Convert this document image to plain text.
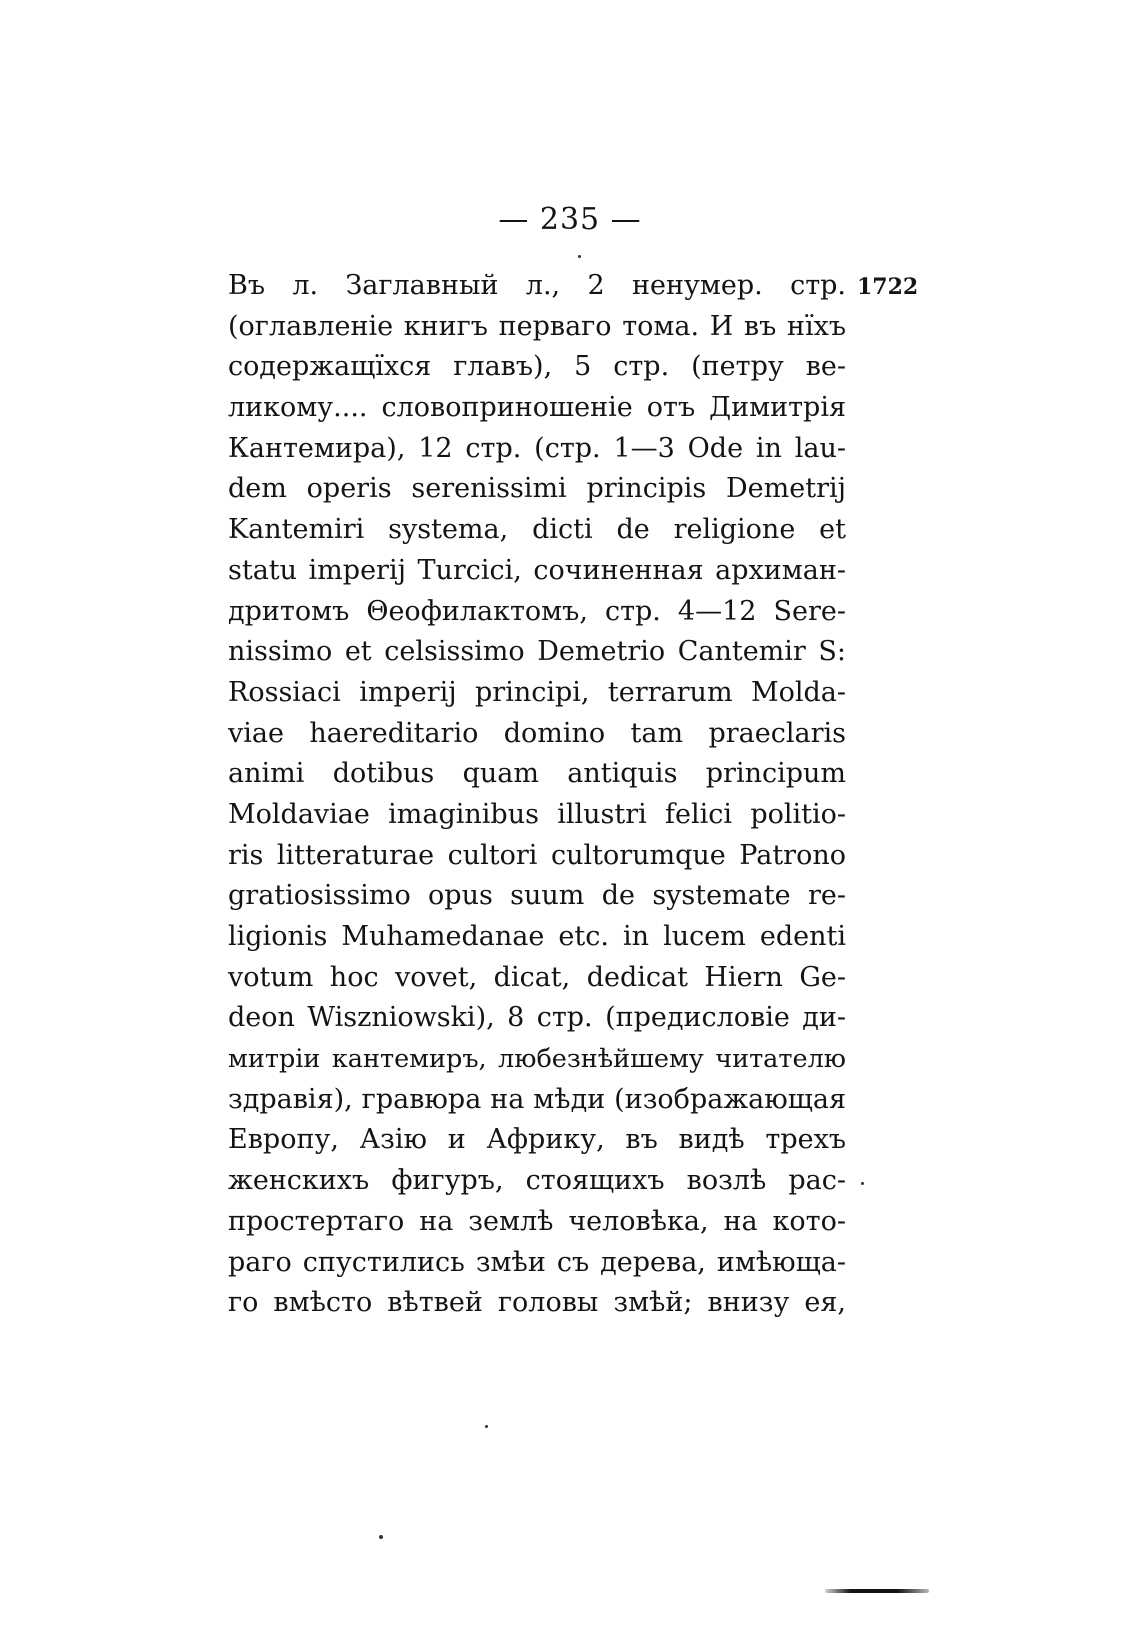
— 235 —
1722
Въ л. Заглавный л., 2 ненумер. стр.
(оглавленіе книгъ перваго тома. И въ нїхъ
содержащїхся главъ), 5 стр. (петру ве-
ликому.... словоприношеніе отъ Димитрія
Кантемира), 12 стр. (стр. 1—3 Ode in lau-
dem operis serenissimi principis Demetrij
Kantemiri systema, dicti de religione et
statu imperij Turcici, сочиненная архиман-
дритомъ Θеофилактомъ, стр. 4—12 Sere-
nissimo et celsissimo Demetrio Cantemir S:
Rossiaci imperij principi, terrarum Molda-
viae haereditario domino tam praeclaris
animi dotibus quam antiquis principum
Moldaviae imaginibus illustri felici politio-
ris litteraturae cultori cultorumque Patrono
gratiosissimo opus suum de systemate re-
ligionis Muhamedanae etc. in lucem edenti
votum hoc vovet, dicat, dedicat Hiern Ge-
deon Wiszniowski), 8 стр. (предисловіе ди-
митріи кантемиръ, любезнѣйшему читателю
здравія), гравюра на мѣди (изображающая
Европу, Азію и Африку, въ видѣ трехъ
женскихъ фигуръ, стоящихъ возлѣ рас-
простертаго на землѣ человѣка, на кото-
раго спустились змѣи съ дерева, имѣюща-
го вмѣсто вѣтвей головы змѣй; внизу ея,
